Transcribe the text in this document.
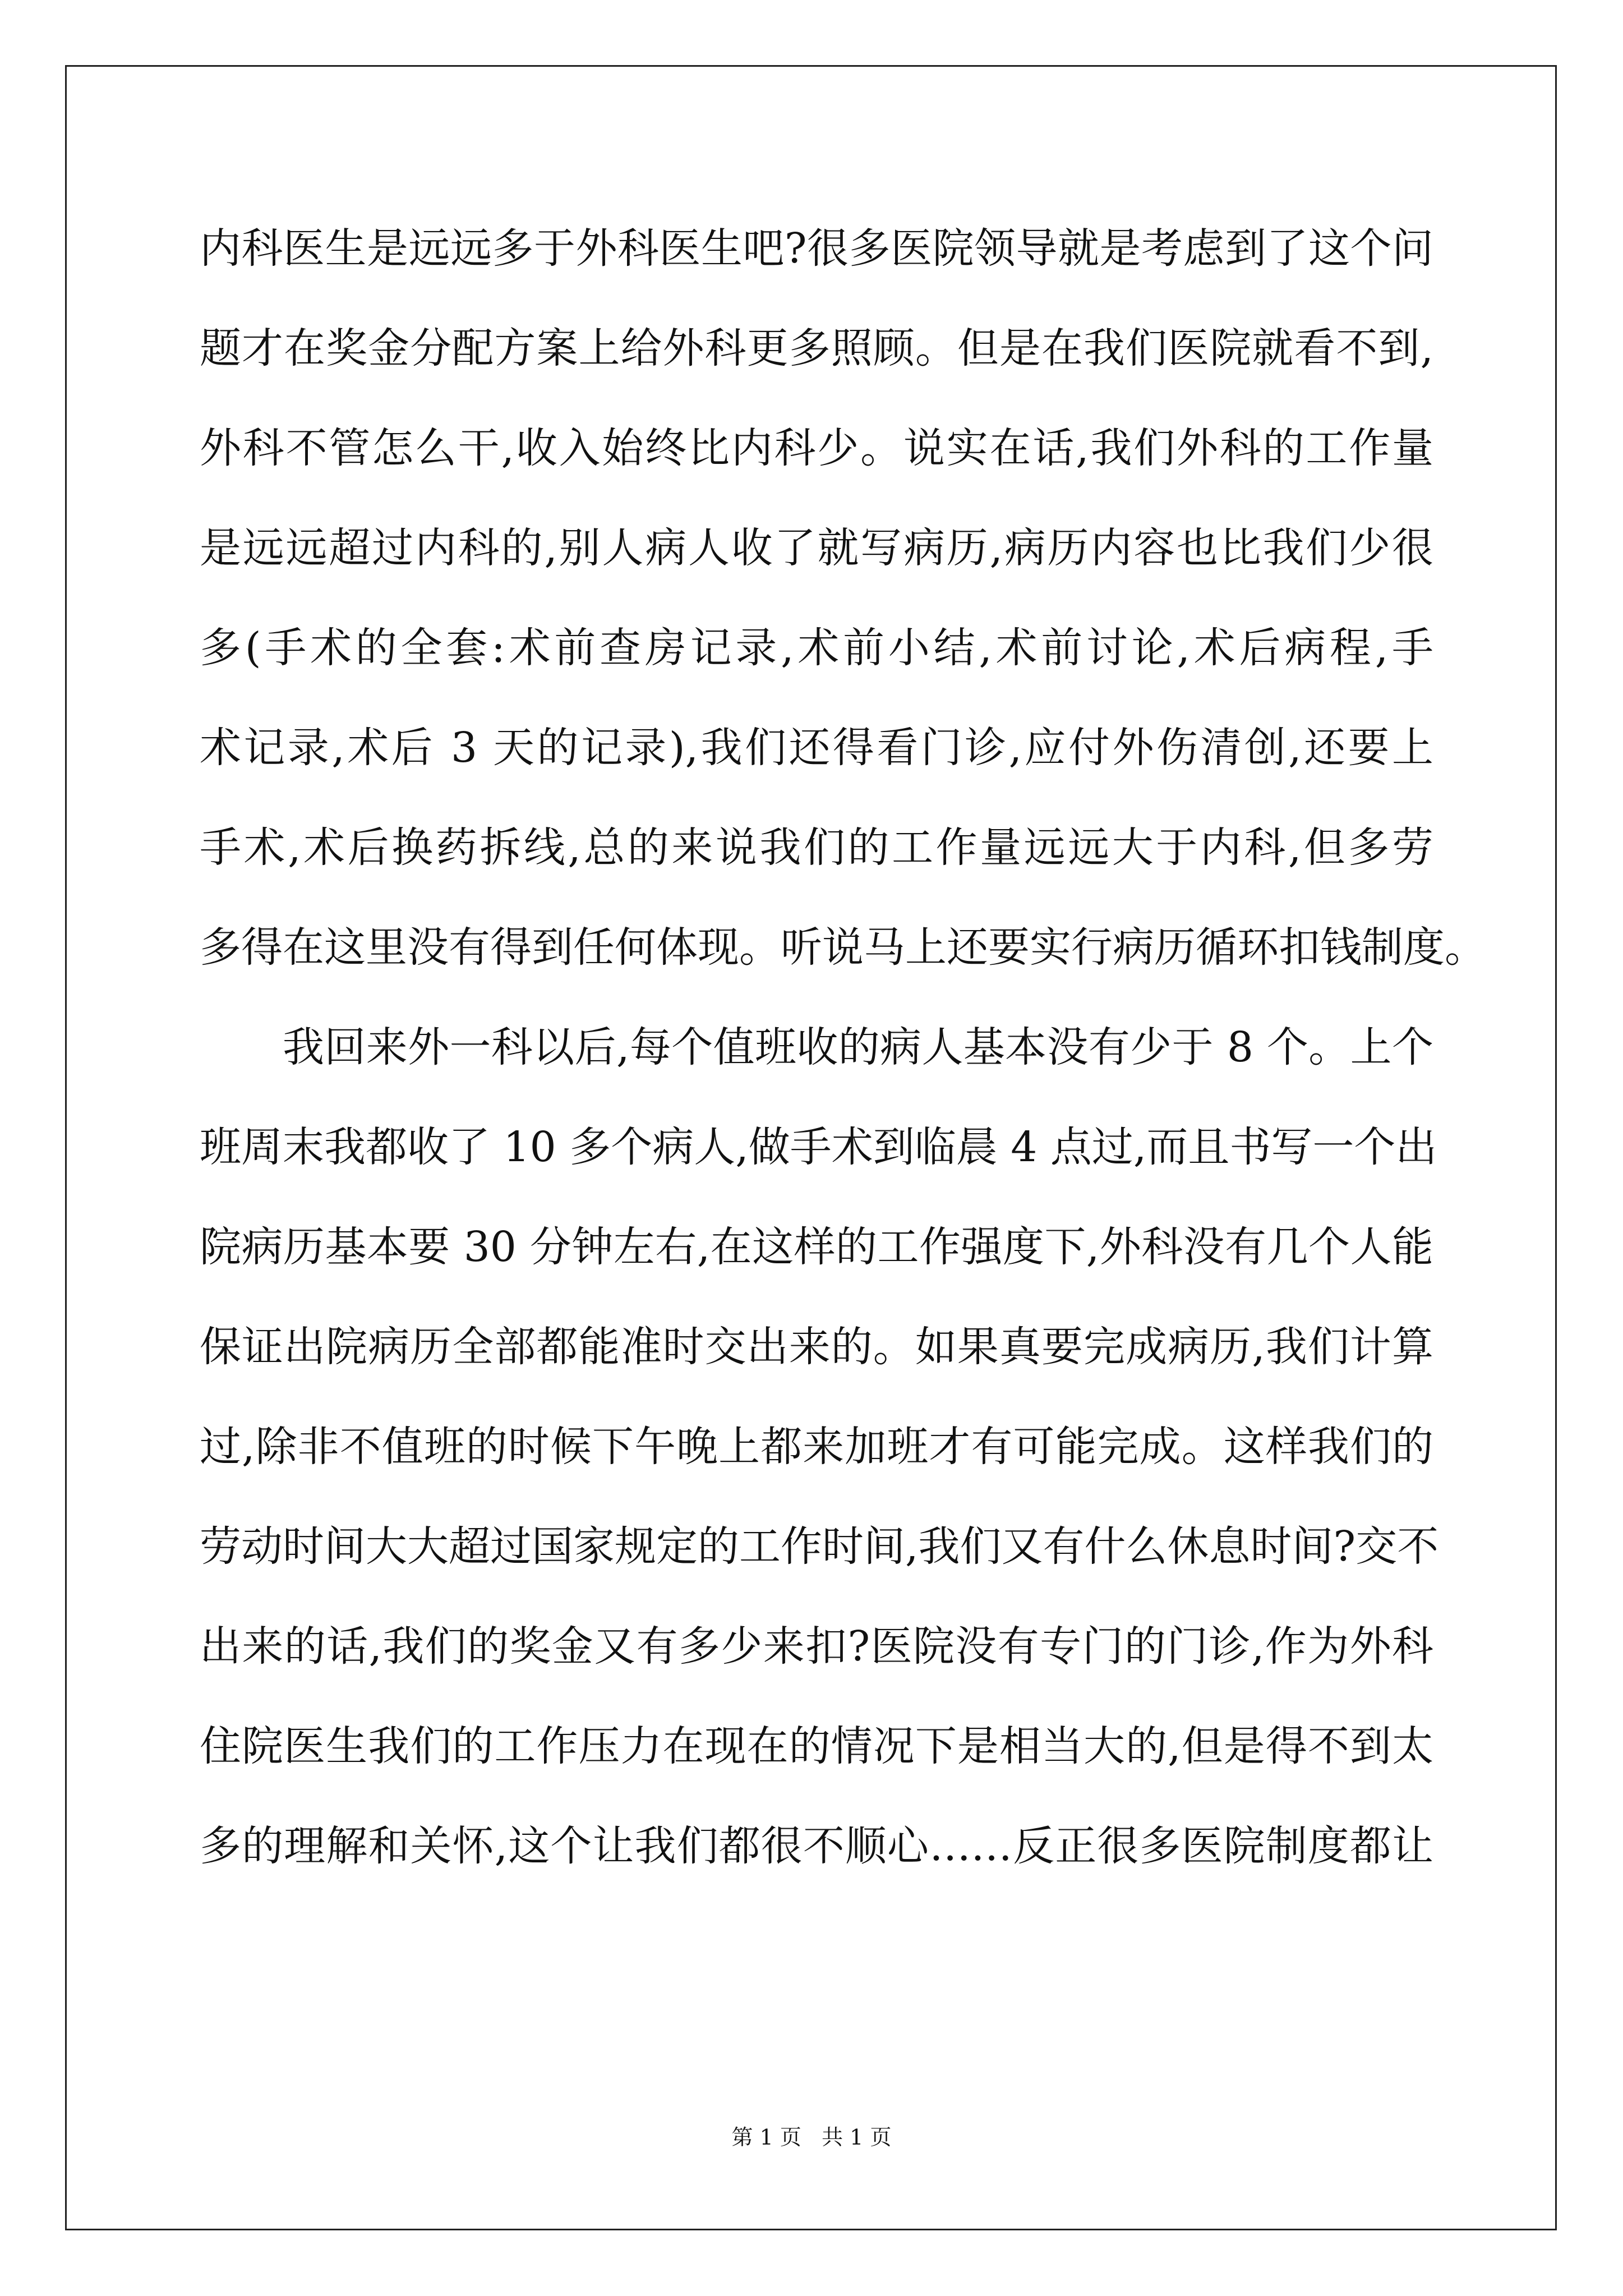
内科医生是远远多于外科医生吧?很多医院领导就是考虑到了这个问
题才在奖金分配方案上给外科更多照顾。但是在我们医院就看不到,
外科不管怎么干,收入始终比内科少。说实在话,我们外科的工作量
是远远超过内科的,别人病人收了就写病历,病历内容也比我们少很
多(手术的全套:术前查房记录,术前小结,术前讨论,术后病程,手
术记录,术后 3 天的记录),我们还得看门诊,应付外伤清创,还要上
手术,术后换药拆线,总的来说我们的工作量远远大于内科,但多劳
多得在这里没有得到任何体现。听说马上还要实行病历循环扣钱制度。
我回来外一科以后,每个值班收的病人基本没有少于 8 个。上个
班周末我都收了 10 多个病人,做手术到临晨 4 点过,而且书写一个出
院病历基本要 30 分钟左右,在这样的工作强度下,外科没有几个人能
保证出院病历全部都能准时交出来的。如果真要完成病历,我们计算
过,除非不值班的时候下午晚上都来加班才有可能完成。这样我们的
劳动时间大大超过国家规定的工作时间,我们又有什么休息时间?交不
出来的话,我们的奖金又有多少来扣?医院没有专门的门诊,作为外科
住院医生我们的工作压力在现在的情况下是相当大的,但是得不到太
多的理解和关怀,这个让我们都很不顺心……反正很多医院制度都让
第 1 页   共 1 页
